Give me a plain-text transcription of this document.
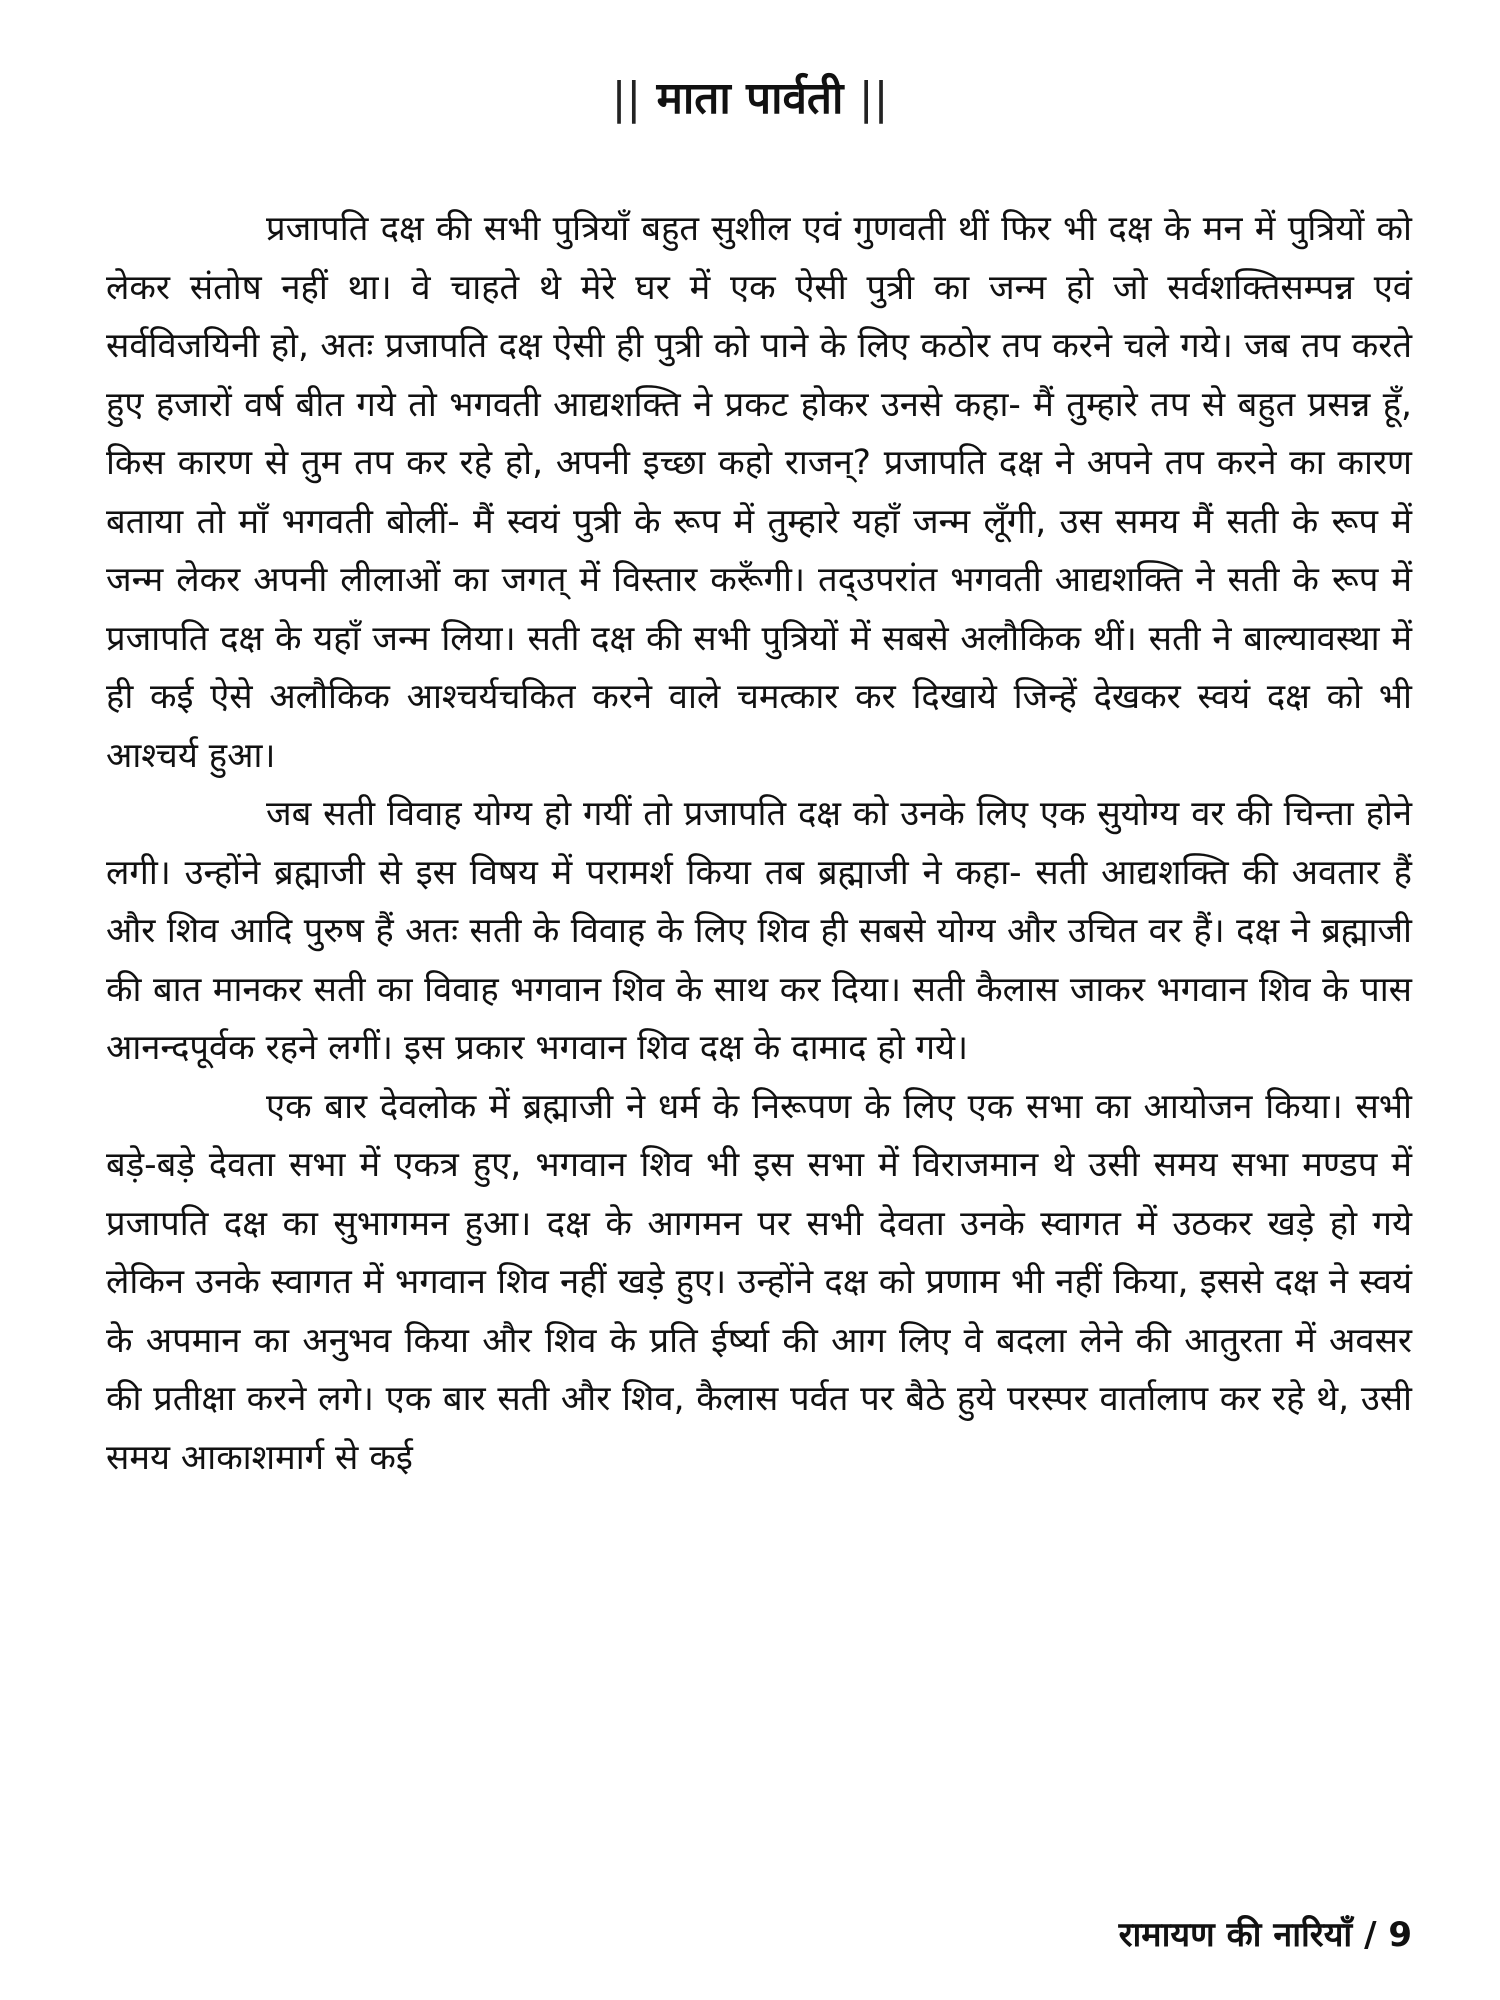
|| माता पार्वती ||

प्रजापति दक्ष की सभी पुत्रियाँ बहुत सुशील एवं गुणवती थीं फिर भी दक्ष के मन में पुत्रियों को लेकर संतोष नहीं था। वे चाहते थे मेरे घर में एक ऐसी पुत्री का जन्म हो जो सर्वशक्तिसम्पन्न एवं सर्वविजयिनी हो, अतः प्रजापति दक्ष ऐसी ही पुत्री को पाने के लिए कठोर तप करने चले गये। जब तप करते हुए हजारों वर्ष बीत गये तो भगवती आद्यशक्ति ने प्रकट होकर उनसे कहा- मैं तुम्हारे तप से बहुत प्रसन्न हूँ, किस कारण से तुम तप कर रहे हो, अपनी इच्छा कहो राजन्? प्रजापति दक्ष ने अपने तप करने का कारण बताया तो माँ भगवती बोलीं- मैं स्वयं पुत्री के रूप में तुम्हारे यहाँ जन्म लूँगी, उस समय मैं सती के रूप में जन्म लेकर अपनी लीलाओं का जगत् में विस्तार करूँगी। तद्उपरांत भगवती आद्यशक्ति ने सती के रूप में प्रजापति दक्ष के यहाँ जन्म लिया। सती दक्ष की सभी पुत्रियों में सबसे अलौकिक थीं। सती ने बाल्यावस्था में ही कई ऐसे अलौकिक आश्चर्यचकित करने वाले चमत्कार कर दिखाये जिन्हें देखकर स्वयं दक्ष को भी आश्चर्य हुआ।

जब सती विवाह योग्य हो गयीं तो प्रजापति दक्ष को उनके लिए एक सुयोग्य वर की चिन्ता होने लगी। उन्होंने ब्रह्माजी से इस विषय में परामर्श किया तब ब्रह्माजी ने कहा- सती आद्यशक्ति की अवतार हैं और शिव आदि पुरुष हैं अतः सती के विवाह के लिए शिव ही सबसे योग्य और उचित वर हैं। दक्ष ने ब्रह्माजी की बात मानकर सती का विवाह भगवान शिव के साथ कर दिया। सती कैलास जाकर भगवान शिव के पास आनन्दपूर्वक रहने लगीं। इस प्रकार भगवान शिव दक्ष के दामाद हो गये।

एक बार देवलोक में ब्रह्माजी ने धर्म के निरूपण के लिए एक सभा का आयोजन किया। सभी बड़े-बड़े देवता सभा में एकत्र हुए, भगवान शिव भी इस सभा में विराजमान थे उसी समय सभा मण्डप में प्रजापति दक्ष का सुभागमन हुआ। दक्ष के आगमन पर सभी देवता उनके स्वागत में उठकर खड़े हो गये लेकिन उनके स्वागत में भगवान शिव नहीं खड़े हुए। उन्होंने दक्ष को प्रणाम भी नहीं किया, इससे दक्ष ने स्वयं के अपमान का अनुभव किया और शिव के प्रति ईर्ष्या की आग लिए वे बदला लेने की आतुरता में अवसर की प्रतीक्षा करने लगे। एक बार सती और शिव, कैलास पर्वत पर बैठे हुये परस्पर वार्तालाप कर रहे थे, उसी समय आकाशमार्ग से कई

रामायण की नारियाँ / 9
